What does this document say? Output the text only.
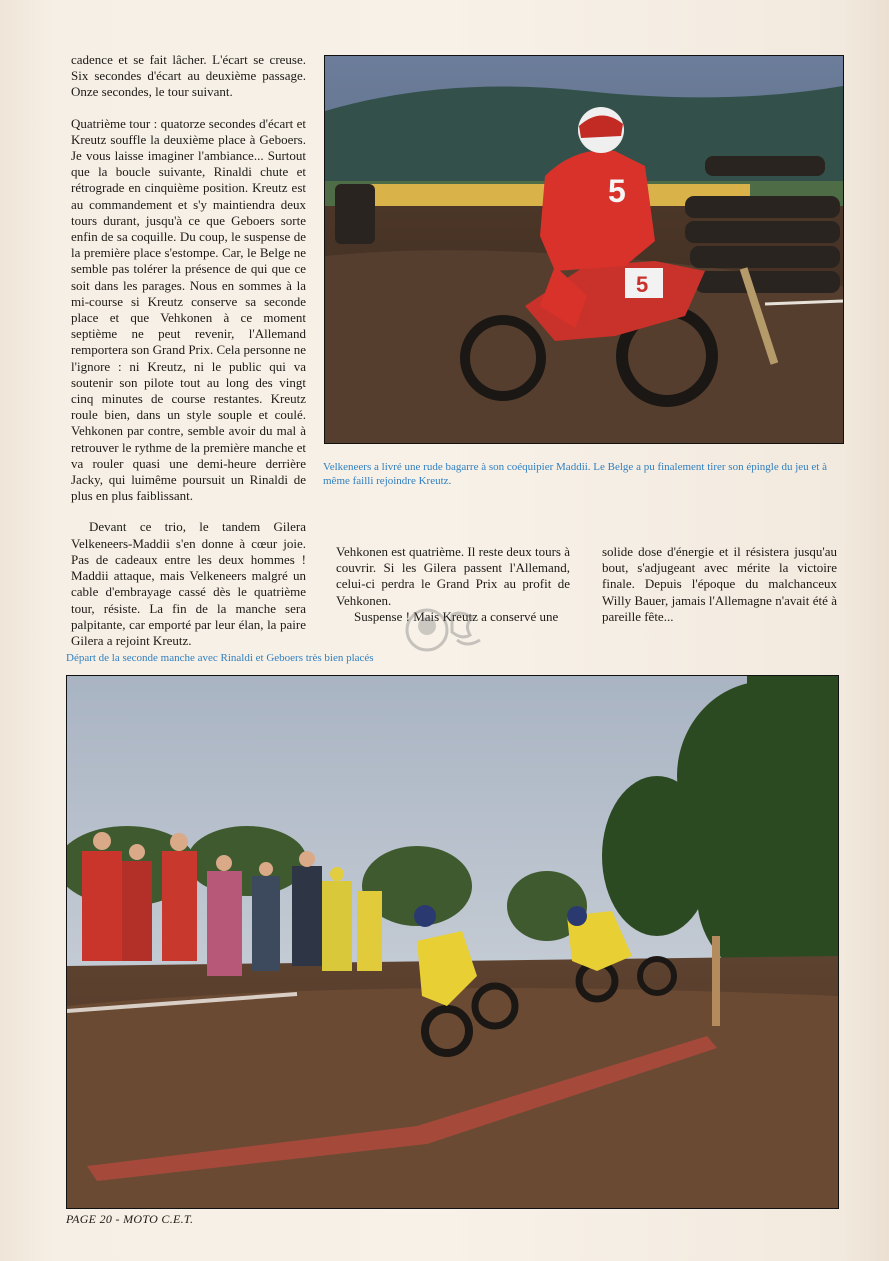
cadence et se fait lâcher. L'écart se creuse. Six secondes d'écart au deuxième passage. Onze secondes, le tour suivant.

Quatrième tour : quatorze secondes d'écart et Kreutz souffle la deuxième place à Geboers. Je vous laisse imaginer l'ambiance... Surtout que la boucle suivante, Rinaldi chute et rétrograde en cinquième position. Kreutz est au commandement et s'y maintiendra deux tours durant, jusqu'à ce que Geboers sorte enfin de sa coquille. Du coup, le suspense de la première place s'estompe. Car, le Belge ne semble pas tolérer la présence de qui que ce soit dans les parages. Nous en sommes à la mi-course si Kreutz conserve sa seconde place et que Vehkonen à ce moment septième ne peut revenir, l'Allemand remportera son Grand Prix. Cela personne ne l'ignore : ni Kreutz, ni le public qui va soutenir son pilote tout au long des vingt cinq minutes de course restantes. Kreutz roule bien, dans un style souple et coulé. Vehkonen par contre, semble avoir du mal à retrouver le rythme de la première manche et va rouler quasi une demi-heure derrière Jacky, qui luimême poursuit un Rinaldi de plus en plus faiblissant.

Devant ce trio, le tandem Gilera Velkeneers-Maddii s'en donne à cœur joie. Pas de cadeaux entre les deux hommes ! Maddii attaque, mais Velkeneers malgré un cable d'embrayage cassé dès le quatrième tour, résiste. La fin de la manche sera palpitante, car emporté par leur élan, la paire Gilera a rejoint Kreutz.

5
5
Velkeneers a livré une rude bagarre à son coéquipier Maddii. Le Belge a pu finalement tirer son épingle du jeu et à même failli rejoindre Kreutz.

Vehkonen est quatrième. Il reste deux tours à couvrir. Si les Gilera passent l'Allemand, celui-ci perdra le Grand Prix au profit de Vehkonen.

Suspense ! Mais Kreutz a conservé une

solide dose d'énergie et il résistera jusqu'au bout, s'adjugeant avec mérite la victoire finale. Depuis l'époque du malchanceux Willy Bauer, jamais l'Allemagne n'avait été à pareille fête...

Départ de la seconde manche avec Rinaldi et Geboers très bien placés
PAGE 20 - MOTO C.E.T.
